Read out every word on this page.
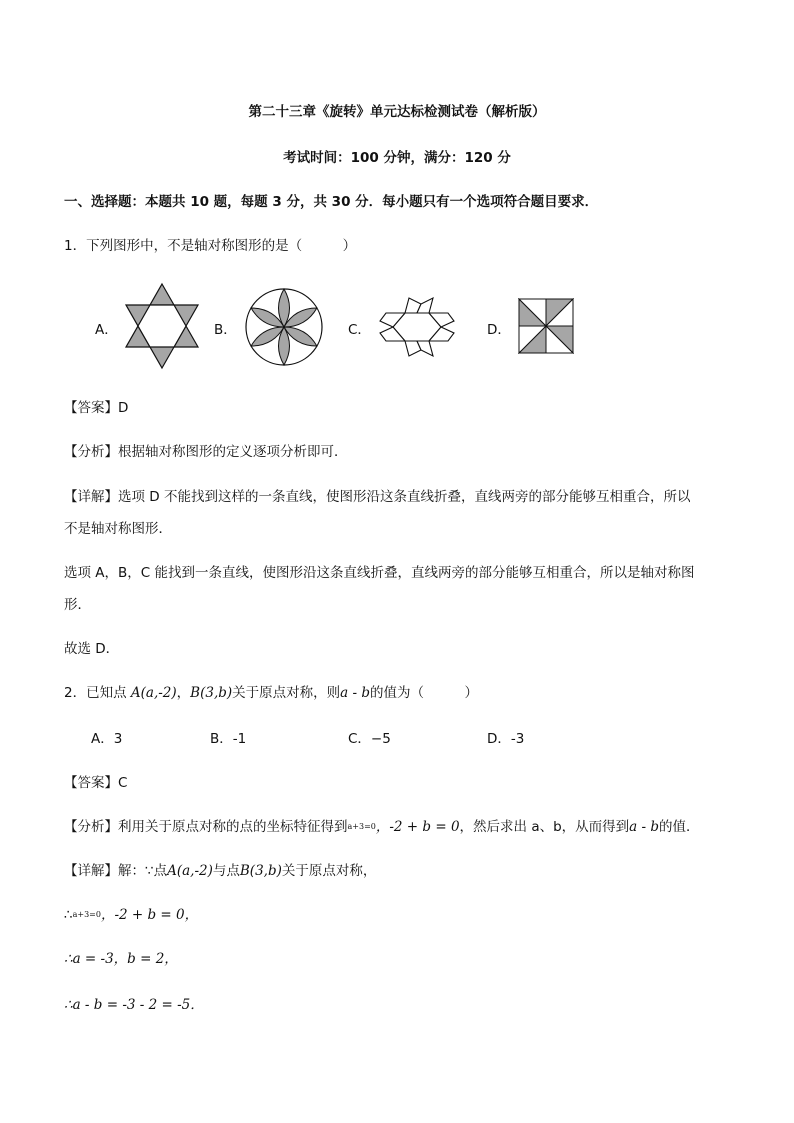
第二十三章《旋转》单元达标检测试卷（解析版）
考试时间：100 分钟，满分：120 分
一、选择题：本题共 10 题，每题 3 分，共 30 分．每小题只有一个选项符合题目要求．
1．下列图形中，不是轴对称图形的是（　　　）
A．	B．	C．	D．
【答案】D
【分析】根据轴对称图形的定义逐项分析即可．
【详解】选项 D 不能找到这样的一条直线，使图形沿这条直线折叠，直线两旁的部分能够互相重合，所以
不是轴对称图形．
选项 A，B，C 能找到一条直线，使图形沿这条直线折叠，直线两旁的部分能够互相重合，所以是轴对称图
形．
故选 D．
2．已知点 A(a,-2)，B(3,b)关于原点对称，则a - b的值为（　　　）
A．3	B．-1	C．−5	D．-3
【答案】C
【分析】利用关于原点对称的点的坐标特征得到a+3=0，-2 + b = 0，然后求出 a、b，从而得到a - b的值．
【详解】解：∵点A(a,-2)与点B(3,b)关于原点对称，
∴a+3=0，-2 + b = 0，
∴a = -3，b = 2，
∴a - b = -3 - 2 = -5．
